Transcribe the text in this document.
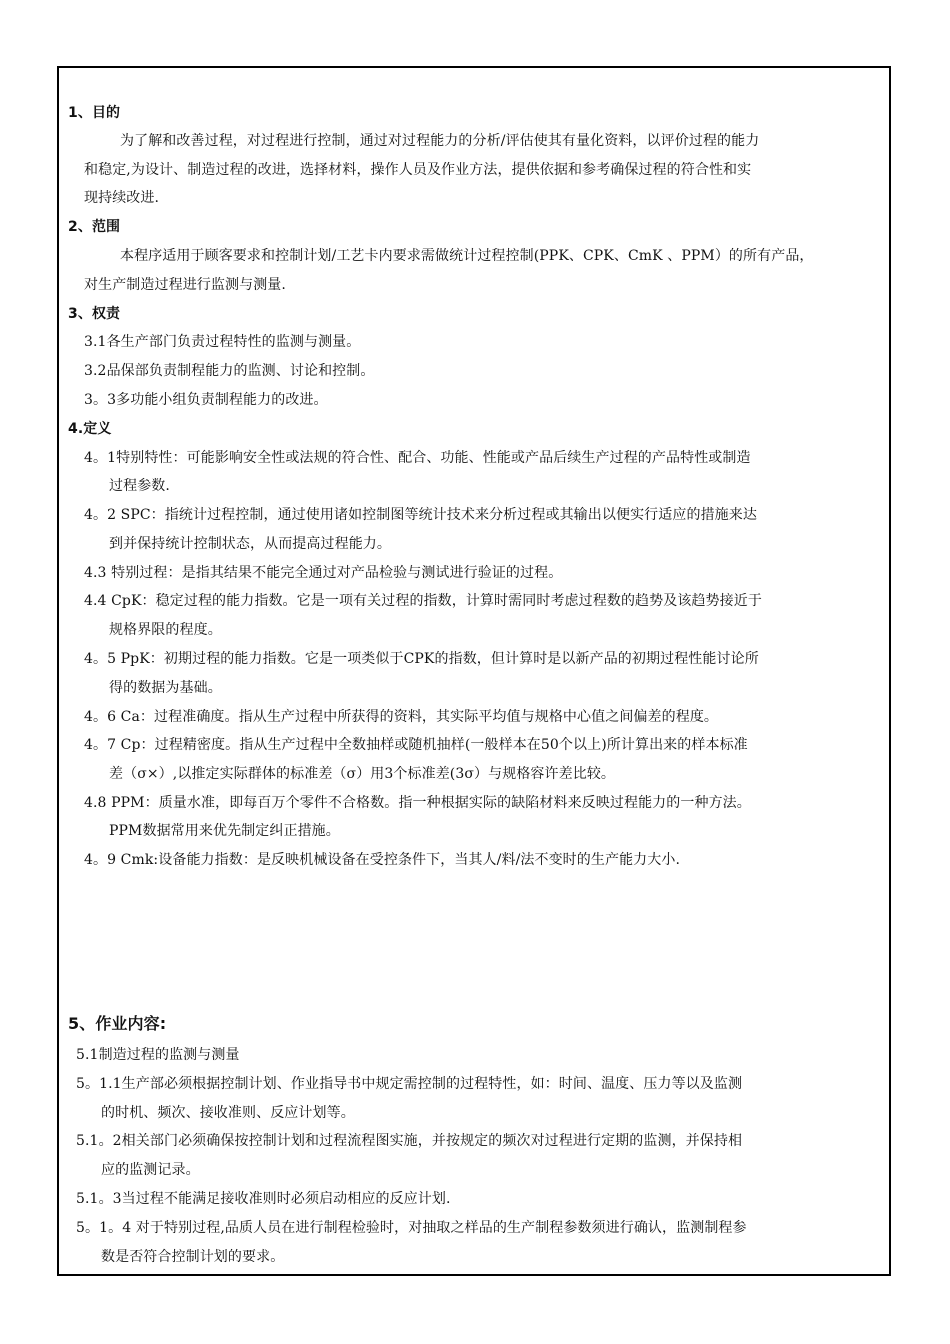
1、目的
为了解和改善过程，对过程进行控制，通过对过程能力的分析/评估使其有量化资料，以评价过程的能力
和稳定,为设计、制造过程的改进，选择材料，操作人员及作业方法，提供依据和参考确保过程的符合性和实
现持续改进.
2、范围
本程序适用于顾客要求和控制计划/工艺卡内要求需做统计过程控制(PPK、CPK、CmK 、PPM）的所有产品，
对生产制造过程进行监测与测量.
3、权责
3.1各生产部门负责过程特性的监测与测量。
3.2品保部负责制程能力的监测、讨论和控制。
3。3多功能小组负责制程能力的改进。
4.定义
4。1特别特性：可能影响安全性或法规的符合性、配合、功能、性能或产品后续生产过程的产品特性或制造
过程参数.
4。2 SPC：指统计过程控制，通过使用诸如控制图等统计技术来分析过程或其输出以便实行适应的措施来达
到并保持统计控制状态，从而提高过程能力。
4.3 特别过程：是指其结果不能完全通过对产品检验与测试进行验证的过程。
4.4 CpK：稳定过程的能力指数。它是一项有关过程的指数，计算时需同时考虑过程数的趋势及该趋势接近于
规格界限的程度。
4。5 PpK：初期过程的能力指数。它是一项类似于CPK的指数，但计算时是以新产品的初期过程性能讨论所
得的数据为基础。
4。6 Ca：过程准确度。指从生产过程中所获得的资料，其实际平均值与规格中心值之间偏差的程度。
4。7 Cp：过程精密度。指从生产过程中全数抽样或随机抽样(一般样本在50个以上)所计算出来的样本标准
差（σ×）,以推定实际群体的标准差（σ）用3个标准差(3σ）与规格容许差比较。
4.8 PPM：质量水准，即每百万个零件不合格数。指一种根据实际的缺陷材料来反映过程能力的一种方法。
PPM数据常用来优先制定纠正措施。
4。9 Cmk:设备能力指数：是反映机械设备在受控条件下，当其人/料/法不变时的生产能力大小.
5、作业内容:
5.1制造过程的监测与测量
5。1.1生产部必须根据控制计划、作业指导书中规定需控制的过程特性，如：时间、温度、压力等以及监测
的时机、频次、接收准则、反应计划等。
5.1。2相关部门必须确保按控制计划和过程流程图实施，并按规定的频次对过程进行定期的监测，并保持相
应的监测记录。
5.1。3当过程不能满足接收准则时必须启动相应的反应计划.
5。1。4 对于特别过程,品质人员在进行制程检验时，对抽取之样品的生产制程参数须进行确认，监测制程参
数是否符合控制计划的要求。
